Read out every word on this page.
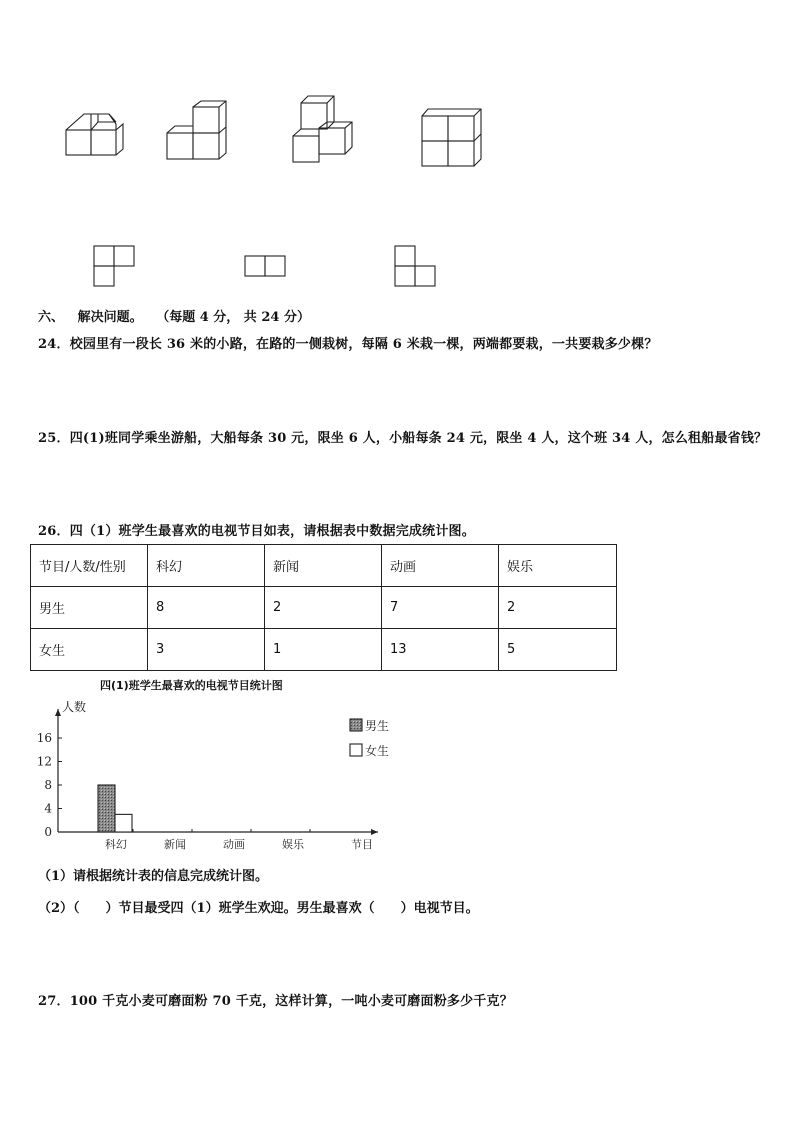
六、 解决问题。 （每题 4 分， 共 24 分）
24．校园里有一段长 36 米的小路，在路的一侧栽树，每隔 6 米栽一棵，两端都要栽，一共要栽多少棵？
25．四(1)班同学乘坐游船，大船每条 30 元，限坐 6 人，小船每条 24 元，限坐 4 人，这个班 34 人，怎么租船最省钱？
26．四（1）班学生最喜欢的电视节目如表，请根据表中数据完成统计图。
节目/人数/性别	科幻	新闻	动画	娱乐
男生	8	2	7	2
女生	3	1	13	5
四(1)班学生最喜欢的电视节目统计图
人数
节目
0
4
8
12
16
科幻	新闻	动画	娱乐
男生
女生
（1）请根据统计表的信息完成统计图。
（2）（ ）节目最受四（1）班学生欢迎。男生最喜欢（ ）电视节目。
27．100 千克小麦可磨面粉 70 千克，这样计算，一吨小麦可磨面粉多少千克？
